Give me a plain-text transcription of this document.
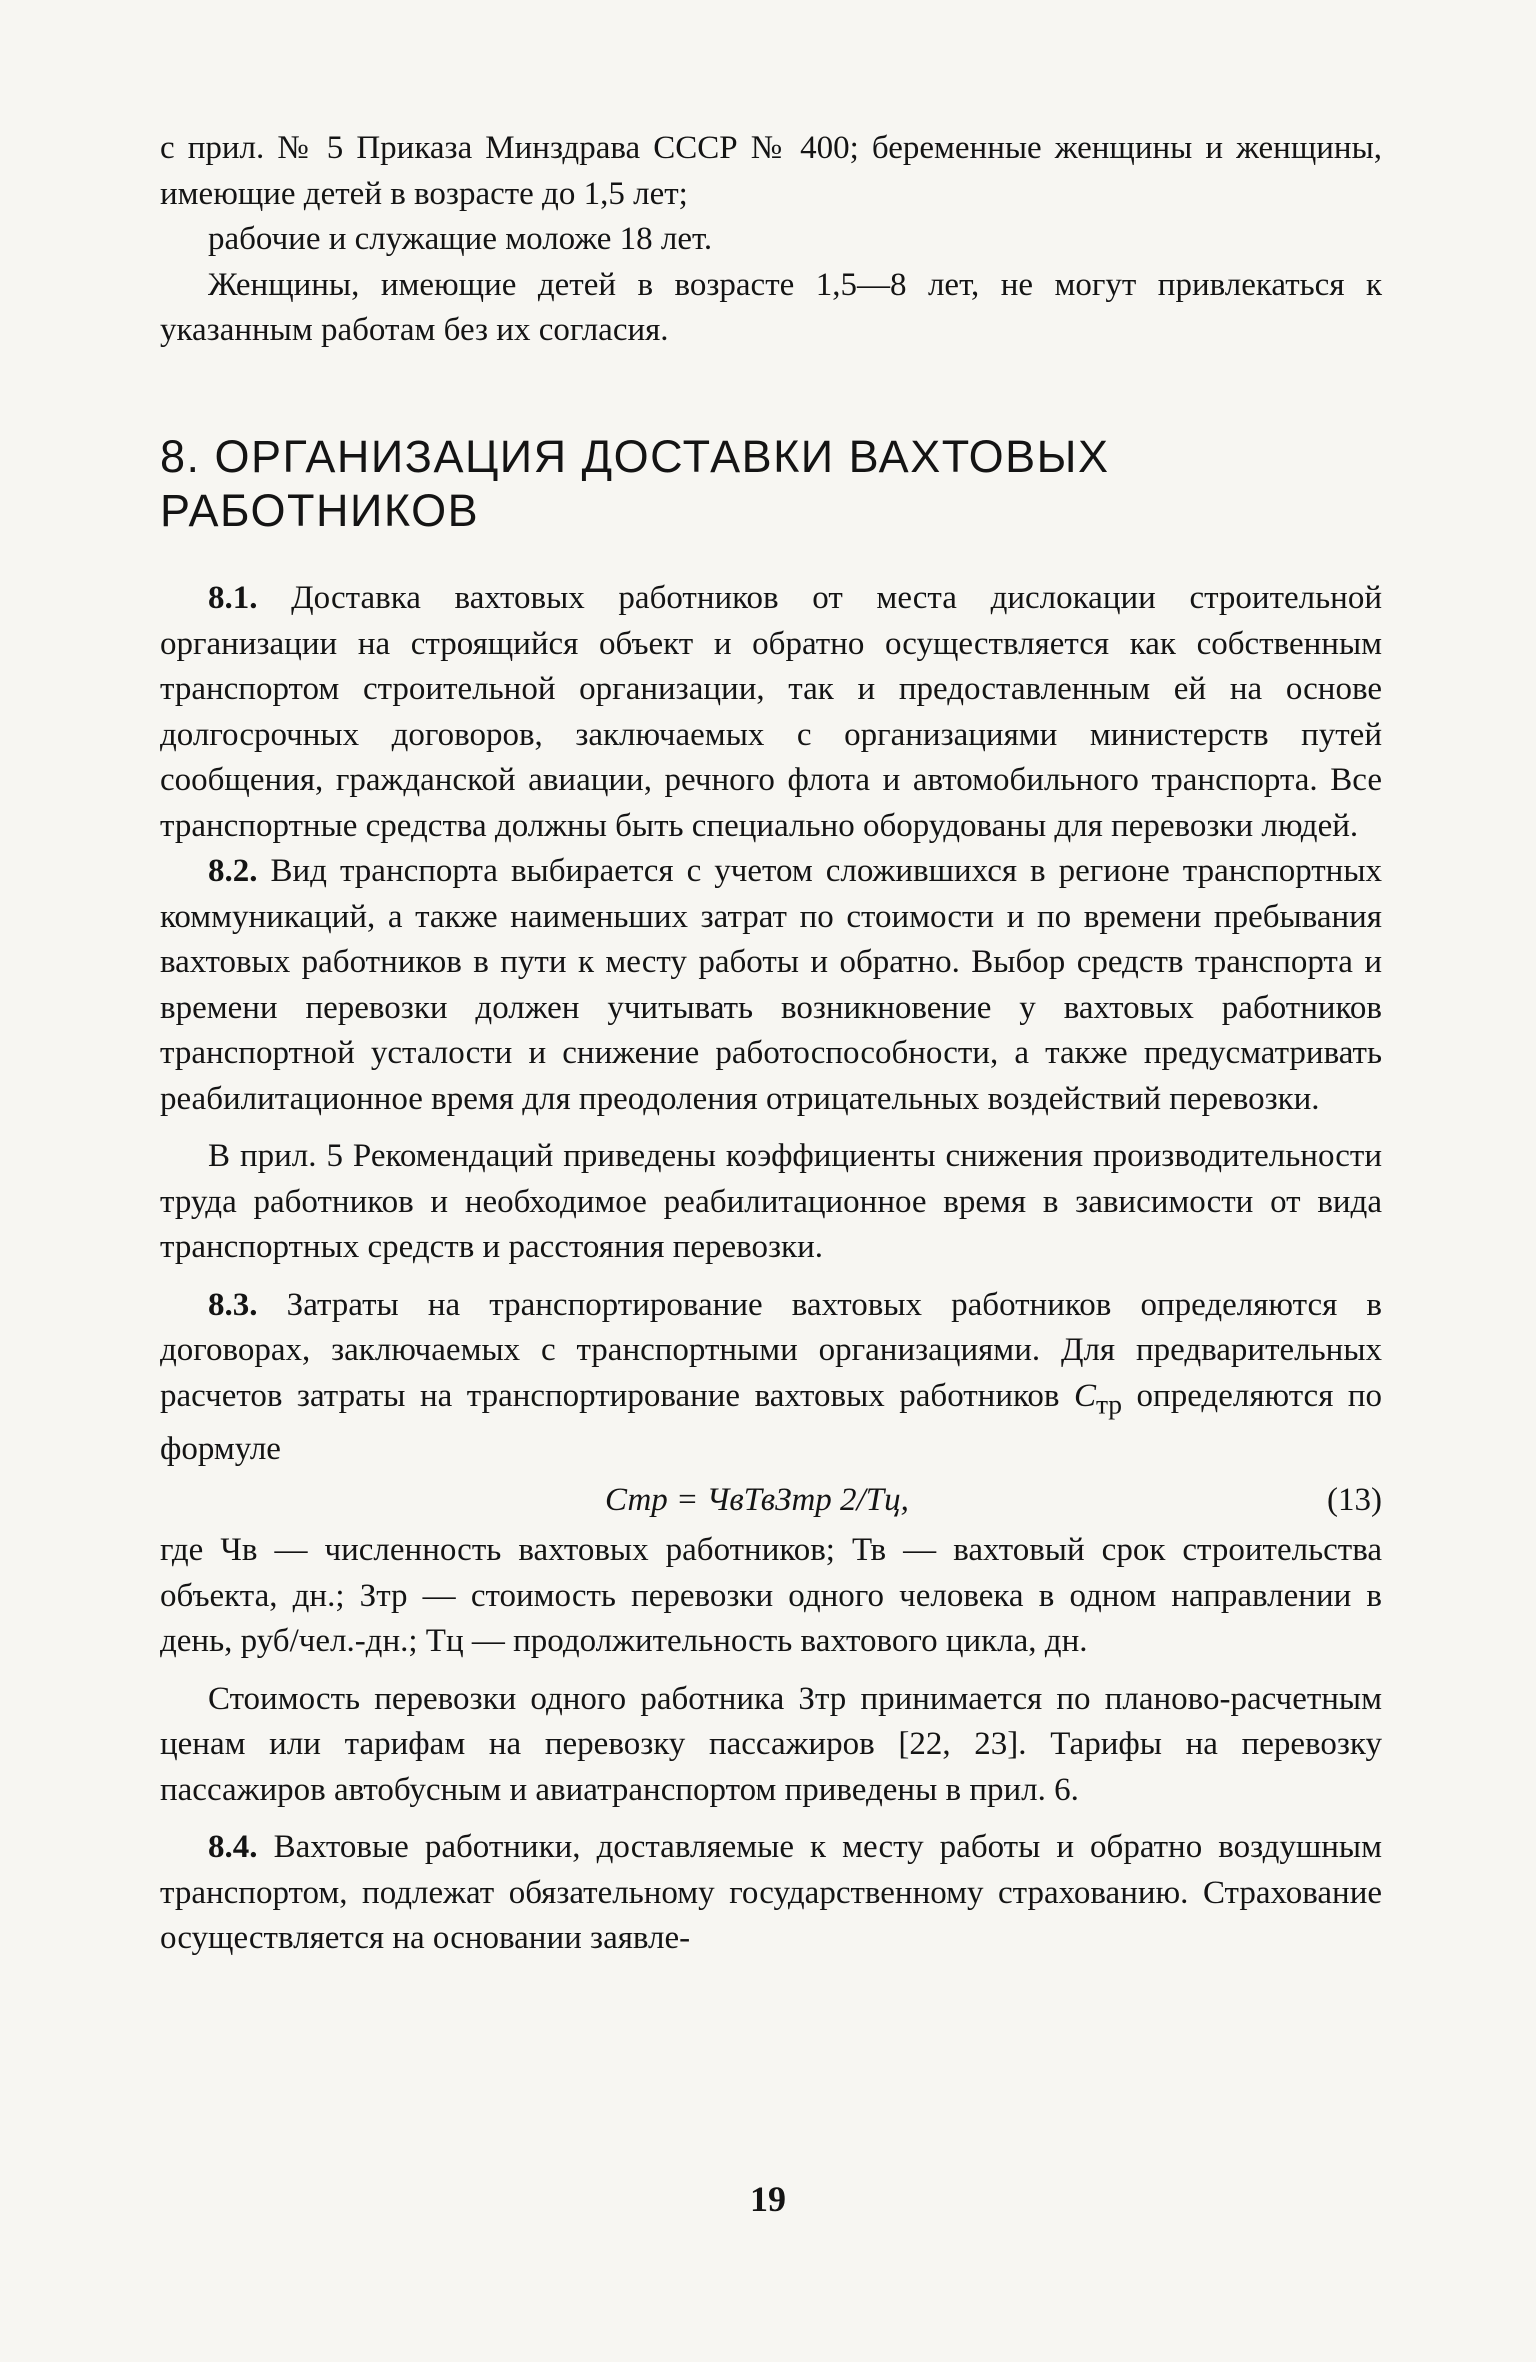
с прил. № 5 Приказа Минздрава СССР № 400; беременные женщины и женщины, имеющие детей в возрасте до 1,5 лет;

рабочие и служащие моложе 18 лет.

Женщины, имеющие детей в возрасте 1,5—8 лет, не могут привлекаться к указанным работам без их согласия.

8. ОРГАНИЗАЦИЯ ДОСТАВКИ ВАХТОВЫХ
РАБОТНИКОВ

8.1. Доставка вахтовых работников от места дислокации строительной организации на строящийся объект и обратно осуществляется как собственным транспортом строительной организации, так и предоставленным ей на основе долгосрочных договоров, заключаемых с организациями министерств путей сообщения, гражданской авиации, речного флота и автомобильного транспорта. Все транспортные средства должны быть специально оборудованы для перевозки людей.

8.2. Вид транспорта выбирается с учетом сложившихся в регионе транспортных коммуникаций, а также наименьших затрат по стоимости и по времени пребывания вахтовых работников в пути к месту работы и обратно. Выбор средств транспорта и времени перевозки должен учитывать возникновение у вахтовых работников транспортной усталости и снижение работоспособности, а также предусматривать реабилитационное время для преодоления отрицательных воздействий перевозки.

В прил. 5 Рекомендаций приведены коэффициенты снижения производительности труда работников и необходимое реабилитационное время в зависимости от вида транспортных средств и расстояния перевозки.

8.3. Затраты на транспортирование вахтовых работников определяются в договорах, заключаемых с транспортными организациями. Для предварительных расчетов затраты на транспортирование вахтовых работников $С_{тр}$ определяются по формуле

Стр = ЧвТвЗтр 2/Тц,	(13)

где Чв — численность вахтовых работников; Тв — вахтовый срок строительства объекта, дн.; Зтр — стоимость перевозки одного человека в одном направлении в день, руб/чел.-дн.; Тц — продолжительность вахтового цикла, дн.

Стоимость перевозки одного работника Зтр принимается по планово-расчетным ценам или тарифам на перевозку пассажиров [22, 23]. Тарифы на перевозку пассажиров автобусным и авиатранспортом приведены в прил. 6.

8.4. Вахтовые работники, доставляемые к месту работы и обратно воздушным транспортом, подлежат обязательному государственному страхованию. Страхование осуществляется на основании заявле-

19
